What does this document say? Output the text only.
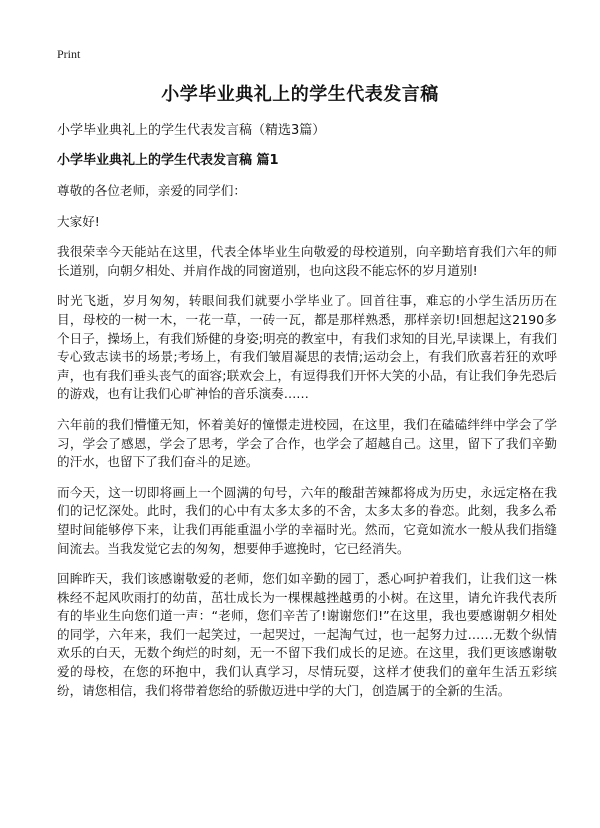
Print
小学毕业典礼上的学生代表发言稿
小学毕业典礼上的学生代表发言稿（精选3篇）
小学毕业典礼上的学生代表发言稿 篇1

尊敬的各位老师，亲爱的同学们：

大家好!

我很荣幸今天能站在这里，代表全体毕业生向敬爱的母校道别，向辛勤培育我们六年的师长道别，向朝夕相处、并肩作战的同窗道别，也向这段不能忘怀的岁月道别!

时光飞逝，岁月匆匆，转眼间我们就要小学毕业了。回首往事，难忘的小学生活历历在目，母校的一树一木，一花一草，一砖一瓦，都是那样熟悉，那样亲切!回想起这2190多个日子，操场上，有我们矫健的身姿;明亮的教室中，有我们求知的目光,早读课上，有我们专心致志读书的场景;考场上，有我们皱眉凝思的表情;运动会上，有我们欣喜若狂的欢呼声，也有我们垂头丧气的面容;联欢会上，有逗得我们开怀大笑的小品，有让我们争先恐后的游戏，也有让我们心旷神怡的音乐演奏……

六年前的我们懵懂无知，怀着美好的憧憬走进校园，在这里，我们在磕磕绊绊中学会了学习，学会了感恩，学会了思考，学会了合作，也学会了超越自己。这里，留下了我们辛勤的汗水，也留下了我们奋斗的足迹。

而今天，这一切即将画上一个圆满的句号，六年的酸甜苦辣都将成为历史，永远定格在我们的记忆深处。此时，我们的心中有太多太多的不舍，太多太多的眷恋。此刻，我多么希望时间能够停下来，让我们再能重温小学的幸福时光。然而，它竟如流水一般从我们指缝间流去。当我发觉它去的匆匆，想要伸手遮挽时，它已经消失。

回眸昨天，我们该感谢敬爱的老师，您们如辛勤的园丁，悉心呵护着我们，让我们这一株株经不起风吹雨打的幼苗，茁壮成长为一棵棵越挫越勇的小树。在这里，请允许我代表所有的毕业生向您们道一声：“老师，您们辛苦了!谢谢您们!”在这里，我也要感谢朝夕相处的同学，六年来，我们一起笑过，一起哭过，一起淘气过，也一起努力过……无数个纵情欢乐的白天，无数个绚烂的时刻，无一不留下我们成长的足迹。在这里，我们更该感谢敬爱的母校，在您的环抱中，我们认真学习，尽情玩耍，这样才使我们的童年生活五彩缤纷，请您相信，我们将带着您给的骄傲迈进中学的大门，创造属于的全新的生活。
